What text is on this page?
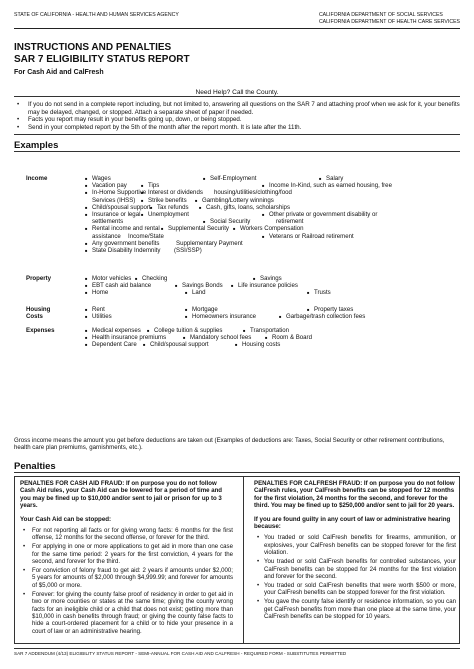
STATE OF CALIFORNIA - HEALTH AND HUMAN SERVICES AGENCY	CALIFORNIA DEPARTMENT OF SOCIAL SERVICES
CALIFORNIA DEPARTMENT OF HEALTH CARE SERVICES
INSTRUCTIONS AND PENALTIES
SAR 7 ELIGIBILITY STATUS REPORT
For Cash Aid and CalFresh
Need Help? Call the County.
• If you do not send in a complete report including, but not limited to, answering all questions on the SAR 7 and attaching proof when we ask for it, your benefits may be delayed, changed, or stopped. Attach a separate sheet of paper if needed.
• Facts you report may result in your benefits going up, down, or being stopped.
• Send in your completed report by the 5th of the month after the report month. It is late after the 11th.
Examples
Income	■ Wages	■ Self-Employment	■ Salary
■ Vacation pay	■ Tips	■ Income In-Kind, such as earned housing, free
■ In-Home Supportive ■ Interest or dividends housing/utilities/clothing/food
Services (IHSS) ■ Strike benefits	■ Gambling/Lottery winnings
■ Child/spousal support ■ Tax refunds	■ Cash, gifts, loans, scholarships
■ Insurance or legal ■ Unemployment	■ Other private or government disability or
settlements	■ Social Security	retirement
■ Rental income and rental ■ Supplemental Security ■ Workers Compensation
assistance Income/State	■ Veterans or Railroad retirement
■ Any government benefits	Supplementary Payment
■ State Disability Indemnity (SSI/SSP)
Property	■ Motor vehicles ■ Checking	■ Savings
■ EBT cash aid balance	■ Savings Bonds	■ Life insurance policies
■ Home	■ Land	■ Trusts
Housing
Costs
■ Rent	■ Mortgage	■ Property taxes
■ Utilities	■ Homeowners insurance	■ Garbage/trash collection fees
Expenses	■ Medical expenses ■ College tuition & supplies	■ Transportation
■ Health insurance premiums	■ Mandatory school fees	■ Room & Board
■ Dependent Care ■ Child/spousal support	■ Housing costs
Gross income means the amount you get before deductions are taken out (Examples of deductions are: Taxes, Social Security or other retirement contributions, health care plan premiums, garnishments, etc.).
Penalties
PENALTIES FOR CASH AID FRAUD: If on purpose you do not follow Cash Aid rules, your Cash Aid can be lowered for a period of time and you may be fined up to $10,000 and/or sent to jail or prison for up to 3 years.
Your Cash Aid can be stopped:
• For not reporting all facts or for giving wrong facts: 6 months for the first offense, 12 months for the second offense, or forever for the third.
• For applying in one or more applications to get aid in more than one case for the same time period: 2 years for the first conviction, 4 years for the second, and forever for the third.
• For conviction of felony fraud to get aid: 2 years if amounts under $2,000; 5 years for amounts of $2,000 through $4,999.99; and forever for amounts of $5,000 or more.
• Forever: for giving the county false proof of residency in order to get aid in two or more counties or states at the same time; giving the county wrong facts for an ineligible child or a child that does not exist; getting more than $10,000 in cash benefits through fraud; or giving the county false facts to hide a court-ordered placement for a child or to hide your presence in a court of law or an administrative hearing.
PENALTIES FOR CALFRESH FRAUD: If on purpose you do not follow CalFresh rules, your CalFresh benefits can be stopped for 12 months for the first violation, 24 months for the second, and forever for the third. You may be fined up to $250,000 and/or sent to jail for 20 years.
If you are found guilty in any court of law or administrative hearing because:
• You traded or sold CalFresh benefits for firearms, ammunition, or explosives, your CalFresh benefits can be stopped forever for the first violation.
• You traded or sold CalFresh benefits for controlled substances, your CalFresh benefits can be stopped for 24 months for the first violation and forever for the second.
• You traded or sold CalFresh benefits that were worth $500 or more, your CalFresh benefits can be stopped forever for the first violation.
• You gave the county false identify or residence information, so you can get CalFresh benefits from more than one place at the same time, your CalFresh benefits can be stopped for 10 years.
SAR 7 ADDENDUM (4/13) ELIGIBILITY STATUS REPORT - SEMI-ANNUAL FOR CASH AID AND CALFRESH - REQUIRED FORM - SUBSTITUTES PERMITTED
